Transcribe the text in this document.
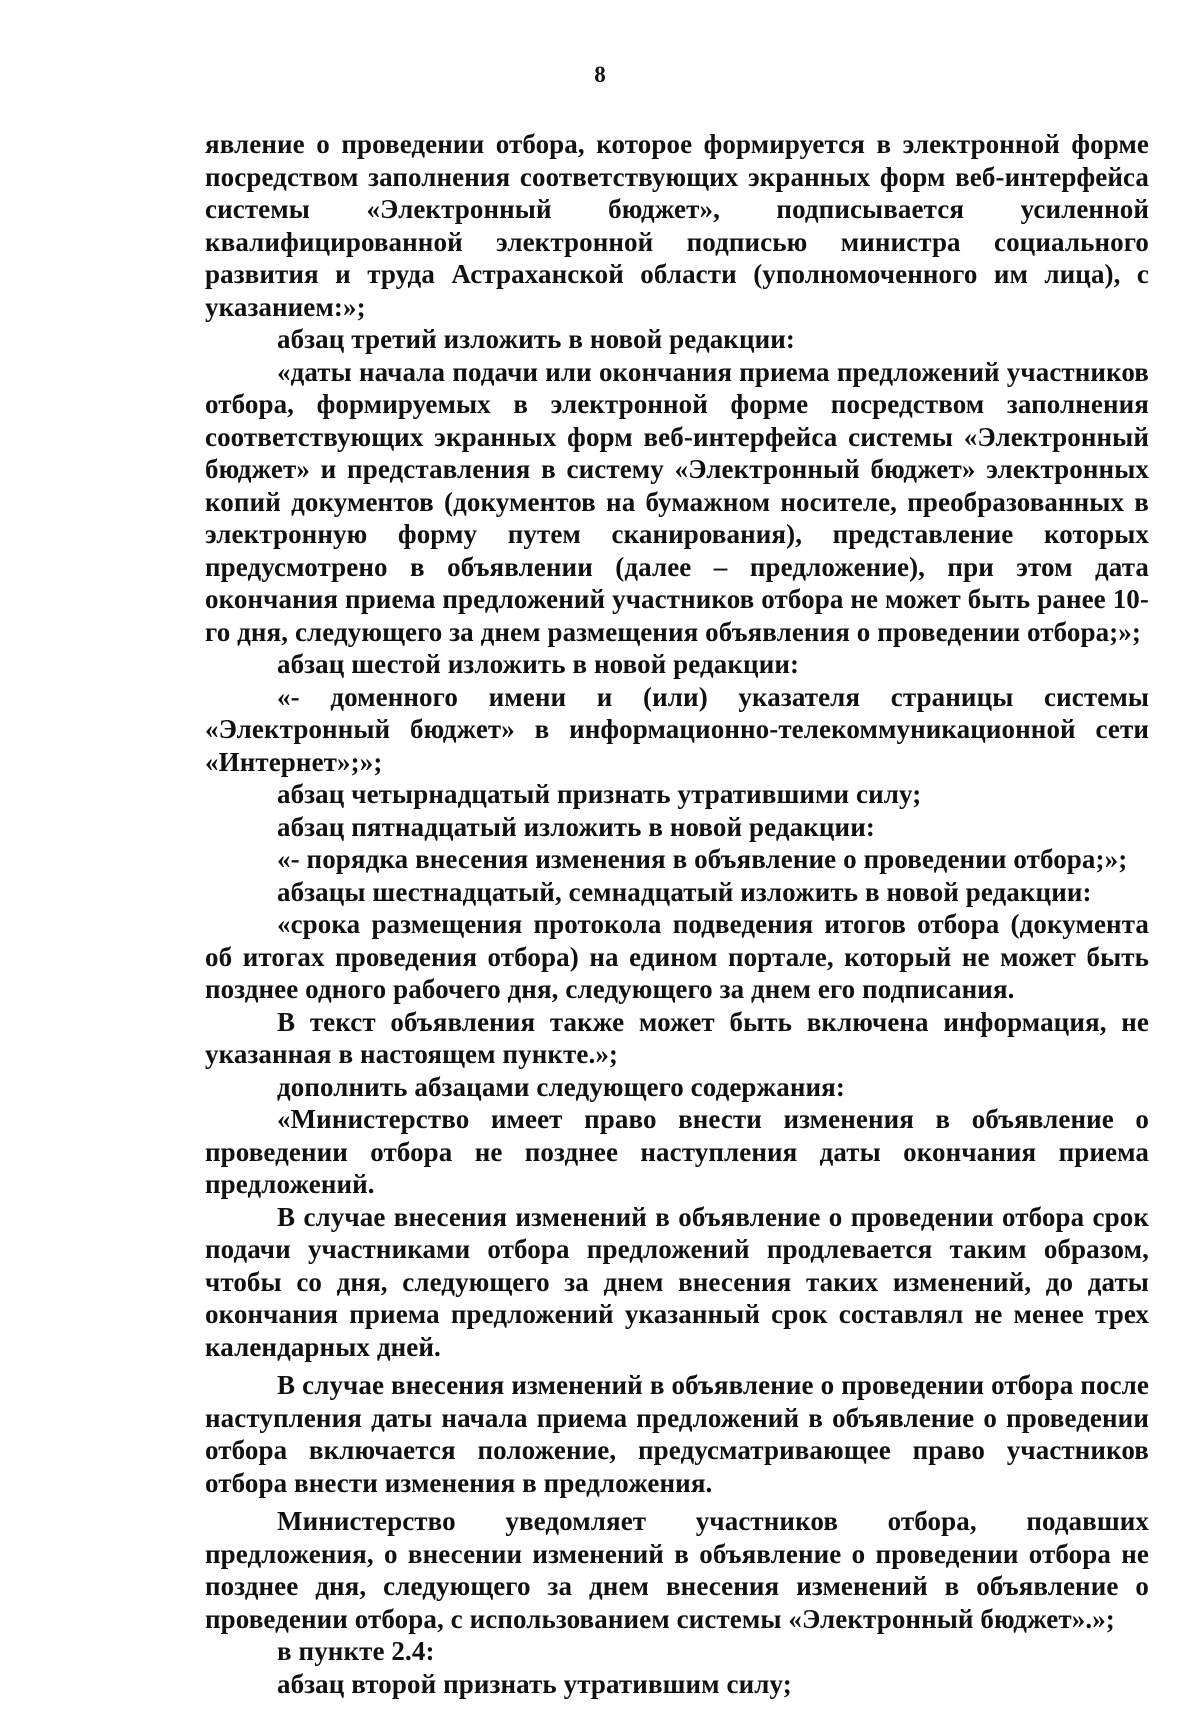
8

явление о проведении отбора, которое формируется в электронной форме посредством заполнения соответствующих экранных форм веб-интерфейса системы «Электронный бюджет», подписывается усиленной квалифицированной электронной подписью министра социального развития и труда Астраханской области (уполномоченного им лица), с указанием:»;

абзац третий изложить в новой редакции:

«даты начала подачи или окончания приема предложений участников отбора, формируемых в электронной форме посредством заполнения соответствующих экранных форм веб-интерфейса системы «Электронный бюджет» и представления в систему «Электронный бюджет» электронных копий документов (документов на бумажном носителе, преобразованных в электронную форму путем сканирования), представление которых предусмотрено в объявлении (далее – предложение), при этом дата окончания приема предложений участников отбора не может быть ранее 10-го дня, следующего за днем размещения объявления о проведении отбора;»;

абзац шестой изложить в новой редакции:

«- доменного имени и (или) указателя страницы системы «Электронный бюджет» в информационно-телекоммуникационной сети «Интернет»;»;

абзац четырнадцатый признать утратившими силу;

абзац пятнадцатый изложить в новой редакции:

«- порядка внесения изменения в объявление о проведении отбора;»;

абзацы шестнадцатый, семнадцатый изложить в новой редакции:

«срока размещения протокола подведения итогов отбора (документа об итогах проведения отбора) на едином портале, который не может быть позднее одного рабочего дня, следующего за днем его подписания.

В текст объявления также может быть включена информация, не указанная в настоящем пункте.»;

дополнить абзацами следующего содержания:

«Министерство имеет право внести изменения в объявление о проведении отбора не позднее наступления даты окончания приема предложений.

В случае внесения изменений в объявление о проведении отбора срок подачи участниками отбора предложений продлевается таким образом, чтобы со дня, следующего за днем внесения таких изменений, до даты окончания приема предложений указанный срок составлял не менее трех календарных дней.

В случае внесения изменений в объявление о проведении отбора после наступления даты начала приема предложений в объявление о проведении отбора включается положение, предусматривающее право участников отбора внести изменения в предложения.

Министерство уведомляет участников отбора, подавших предложения, о внесении изменений в объявление о проведении отбора не позднее дня, следующего за днем внесения изменений в объявление о проведении отбора, с использованием системы «Электронный бюджет».»;

в пункте 2.4:

абзац второй признать утратившим силу;
